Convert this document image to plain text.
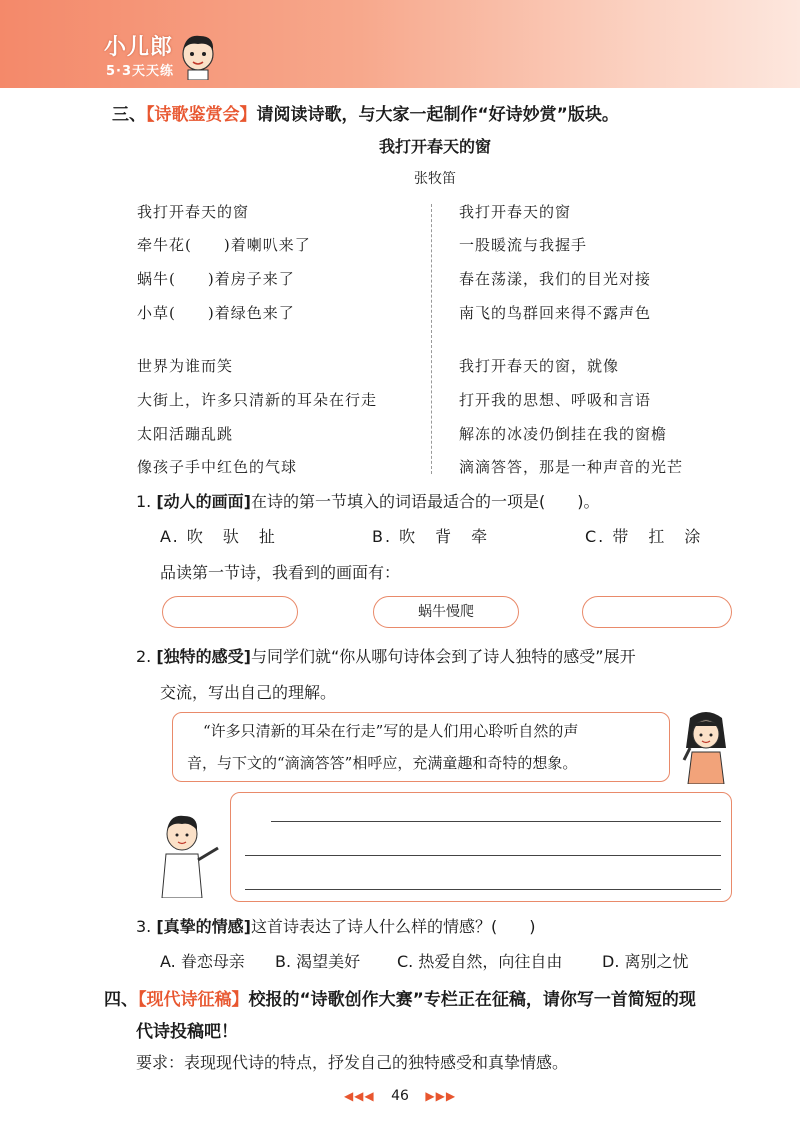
小儿郎
5·3天天练
三、【诗歌鉴赏会】请阅读诗歌，与大家一起制作“好诗妙赏”版块。
我打开春天的窗
张牧笛
我打开春天的窗
牵牛花(　　)着喇叭来了
蜗牛(　　)着房子来了
小草(　　)着绿色来了
世界为谁而笑
大街上，许多只清新的耳朵在行走
太阳活蹦乱跳
像孩子手中红色的气球
我打开春天的窗
一股暖流与我握手
春在荡漾，我们的目光对接
南飞的鸟群回来得不露声色
我打开春天的窗，就像
打开我的思想、呼吸和言语
解冻的冰凌仍倒挂在我的窗檐
滴滴答答，那是一种声音的光芒
1. [动人的画面]在诗的第一节填入的词语最适合的一项是(　　)。
A. 吹　驮　扯	B. 吹　背　牵	C. 带　扛　涂
品读第一节诗，我看到的画面有：
蜗牛慢爬
2. [独特的感受]与同学们就“你从哪句诗体会到了诗人独特的感受”展开
交流，写出自己的理解。
“许多只清新的耳朵在行走”写的是人们用心聆听自然的声
音，与下文的“滴滴答答”相呼应，充满童趣和奇特的想象。
3. [真挚的情感]这首诗表达了诗人什么样的情感？(　　)
A. 眷恋母亲 B. 渴望美好 C. 热爱自然，向往自由 D. 离别之忧
四、【现代诗征稿】校报的“诗歌创作大赛”专栏正在征稿，请你写一首简短的现
代诗投稿吧！
要求：表现现代诗的特点，抒发自己的独特感受和真挚情感。
◀◀◀ 46 ▶▶▶
